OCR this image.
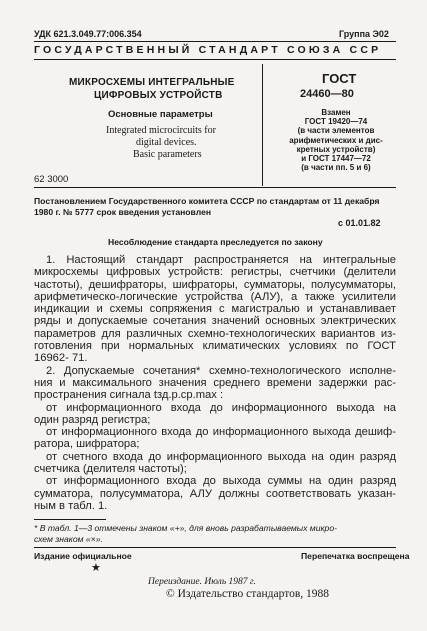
УДК 621.3.049.77:006.354	Группа Э02
ГОСУДАРСТВЕННЫЙ СТАНДАРТ СОЮЗА ССР
МИКРОСХЕМЫ ИНТЕГРАЛЬНЫЕ
ЦИФРОВЫХ УСТРОЙСТВ
Основные параметры
Integrated microcircuits for
digital devices.
Basic parameters
62 3000
ГОСТ
24460—80
Взамен
ГОСТ 19420—74
(в части элементов
арифметических и дис-
кретных устройств)
и ГОСТ 17447—72
(в части пп. 5 и 6)
Постановлением Государственного комитета СССР по стандартам от 11 декабря
1980 г. № 5777 срок введения установлен
с 01.01.82
Несоблюдение стандарта преследуется по закону
1. Настоящий стандарт распространяется на интегральные
микросхемы цифровых устройств: регистры, счетчики (делители
частоты), дешифраторы, шифраторы, сумматоры, полусумматоры,
арифметическо-логические устройства (АЛУ), а также усилители
индикации и схемы сопряжения с магистралью и устанавливает
ряды и допускаемые сочетания значений основных электрических
параметров для различных схемно-технологических вариантов из-
готовления при нормальных климатических условиях по ГОСТ
16962- 71.
2. Допускаемые сочетания* схемно-технологического исполне-
ния и максимального значения среднего времени задержки рас-
пространения сигнала tзд.р.ср.max :
от информационного входа до информационного выхода на
один разряд регистра;
от информационного входа до информационного выхода дешиф-
ратора, шифратора;
от счетного входа до информационного выхода на один разряд
счетчика (делителя частоты);
от информационного входа до выхода суммы на один разряд
сумматора, полусумматора, АЛУ должны соответствовать указан-
ным в табл. 1.
* В табл. 1—3 отмечены знаком «+», для вновь разрабатываемых микро-
схем знаком «×».
Издание официальное	Перепечатка воспрещена
★
Переиздание. Июль 1987 г.
© Издательство стандартов, 1988
